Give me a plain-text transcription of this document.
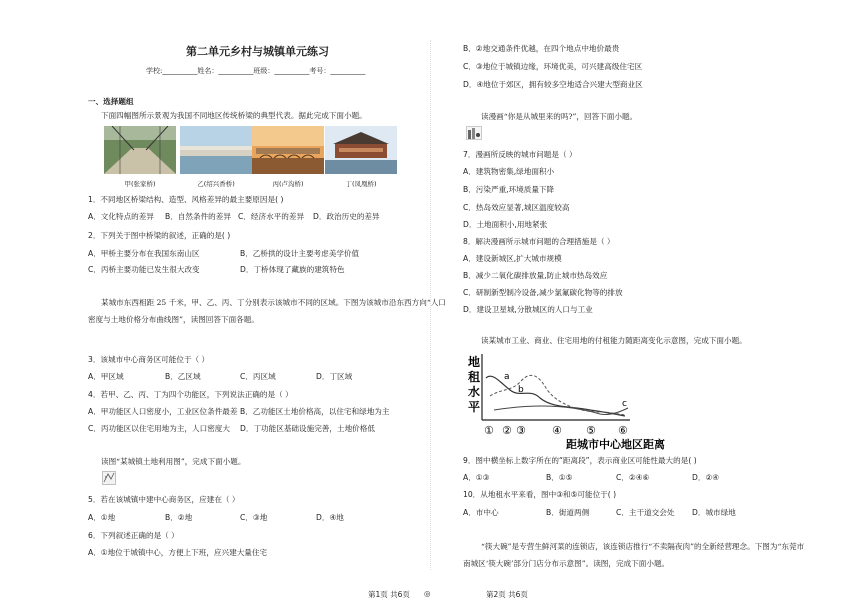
第二单元乡村与城镇单元练习
学校:__________姓名：__________班级：__________考号：__________
一、选择题组
下面四幅图所示景观为我国不同地区传统桥梁的典型代表。据此完成下面小题。
甲(张家桥)	乙(绍兴香桥)	丙(卢沟桥)	丁(凤凰桥)
1．不同地区桥梁结构、造型、风格差异的最主要原因是( )
A．文化特点的差异 B．自然条件的差异 C．经济水平的差异 D．政治历史的差异
2．下列关于图中桥梁的叙述，正确的是( )
A．甲桥主要分布在我国东南山区	B．乙桥拱的设计主要考虑美学价值
C．丙桥主要功能已发生很大改变	D．丁桥体现了藏族的建筑特色
某城市东西相距 25 千米，甲、乙、丙、丁分别表示该城市不同的区域。下图为该城市沿东西方向“人口
密度与土地价格分布曲线图”，读图回答下面各题。
3．该城市中心商务区可能位于（ ）
A．甲区域	B．乙区域	C．丙区域	D．丁区域
4．若甲、乙、丙、丁为四个功能区，下列说法正确的是（ ）
A．甲功能区人口密度小，工业区位条件最差 B．乙功能区土地价格高，以住宅和绿地为主
C．丙功能区以住宅用地为主，人口密度大 D．丁功能区基础设施完善，土地价格低
读图“某城镇土地利用图”，完成下面小题。
5．若在该城镇中建中心商务区，应建在（ ）
A．①地	B．②地	C．③地	D．④地
6．下列叙述正确的是（ ）
A．①地位于城镇中心，方便上下班，应兴建大量住宅
第1页 共6页 ◎
B．②地交通条件优越，在四个地点中地价最贵
C．③地位于城镇边缘，环境优美，可兴建高级住宅区
D．④地位于郊区，拥有较多空地适合兴建大型商业区
读漫画“你是从城里来的吗?”，回答下面小题。
7．漫画所反映的城市问题是（ ）
A．建筑物密集,绿地面积小
B．污染严重,环境质量下降
C．热岛效应显著,城区温度较高
D．土地面积小,用地紧张
8．解决漫画所示城市问题的合理措施是（ ）
A．建设新城区,扩大城市规模
B．减少二氧化碳排放量,防止城市热岛效应
C．研制新型制冷设备,减少氯氟碳化物等的排放
D．建设卫星城,分散城区的人口与工业
读某城市工业、商业、住宅用地的付租能力随距离变化示意图，完成下面小题。
地
租
水
平
a
b
c
① ② ③ ④ ⑤ ⑥
距城市中心地区距离
9．图中横坐标上数字所在的“距离段”，表示商业区可能性最大的是( )
A．①③	B．①⑤	C．②④⑥	D．②④
10．从地租水平来看，图中③和⑤可能位于( )
A．市中心	B．街道两侧	C．主干道交会处 D．城市绿地
“筷大碗”是专营生鲜河菜的连锁店，该连锁店推行“不卖隔夜肉”的全新经营理念。下图为“东莞市
南城区‘筷大碗’部分门店分布示意图”。读图，完成下面小题。
第2页 共6页
